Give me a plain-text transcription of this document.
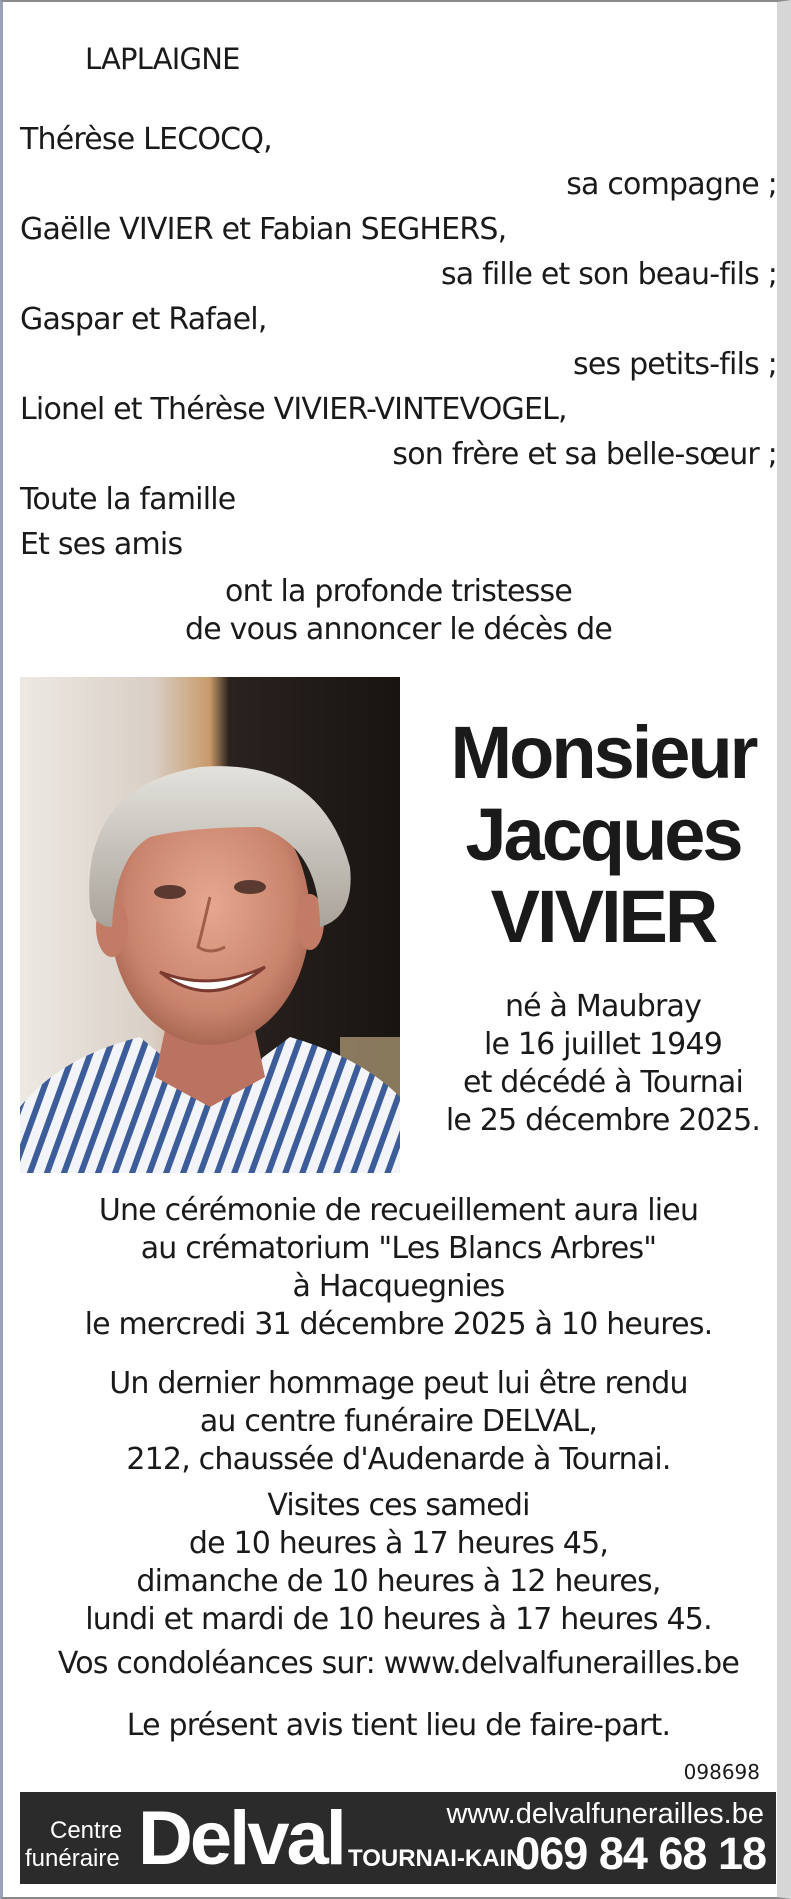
LAPLAIGNE
Thérèse LECOCQ,
sa compagne ;
Gaëlle VIVIER et Fabian SEGHERS,
sa fille et son beau-fils ;
Gaspar et Rafael,
ses petits-fils ;
Lionel et Thérèse VIVIER-VINTEVOGEL,
son frère et sa belle-sœur ;
Toute la famille
Et ses amis
ont la profonde tristesse
de vous annoncer le décès de
Monsieur
Jacques
VIVIER
né à Maubray
le 16 juillet 1949
et décédé à Tournai
le 25 décembre 2025.
Une cérémonie de recueillement aura lieu
au crématorium "Les Blancs Arbres"
à Hacquegnies
le mercredi 31 décembre 2025 à 10 heures.
Un dernier hommage peut lui être rendu
au centre funéraire DELVAL,
212, chaussée d'Audenarde à Tournai.
Visites ces samedi
de 10 heures à 17 heures 45,
dimanche de 10 heures à 12 heures,
lundi et mardi de 10 heures à 17 heures 45.
Vos condoléances sur: www.delvalfunerailles.be
Le présent avis tient lieu de faire-part.
098698
Centre
funéraire Delval	www.delvalfunerailles.be
TOURNAI-KAIN
069 84 68 18
